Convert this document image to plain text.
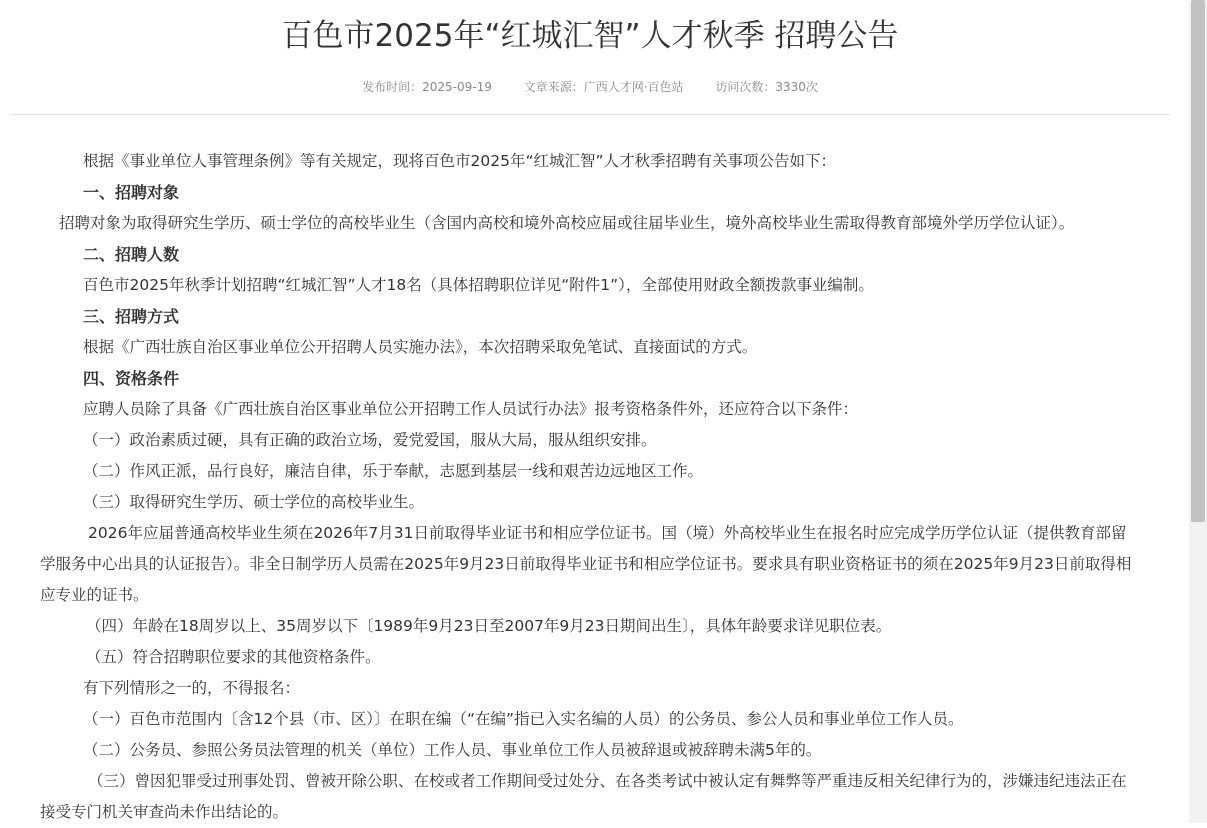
百色市2025年“红城汇智”人才秋季 招聘公告
发布时间：2025-09-19	文章来源：广西人才网·百色站	访问次数：3330次

根据《事业单位人事管理条例》等有关规定，现将百色市2025年“红城汇智”人才秋季招聘有关事项公告如下：

一、招聘对象

招聘对象为取得研究生学历、硕士学位的高校毕业生（含国内高校和境外高校应届或往届毕业生，境外高校毕业生需取得教育部境外学历学位认证）。

二、招聘人数

百色市2025年秋季计划招聘“红城汇智”人才18名（具体招聘职位详见“附件1”），全部使用财政全额拨款事业编制。

三、招聘方式

根据《广西壮族自治区事业单位公开招聘人员实施办法》，本次招聘采取免笔试、直接面试的方式。

四、资格条件

应聘人员除了具备《广西壮族自治区事业单位公开招聘工作人员试行办法》报考资格条件外，还应符合以下条件：

（一）政治素质过硬，具有正确的政治立场，爱党爱国，服从大局，服从组织安排。

（二）作风正派，品行良好，廉洁自律，乐于奉献，志愿到基层一线和艰苦边远地区工作。

（三）取得研究生学历、硕士学位的高校毕业生。

2026年应届普通高校毕业生须在2026年7月31日前取得毕业证书和相应学位证书。国（境）外高校毕业生在报名时应完成学历学位认证（提供教育部留学服务中心出具的认证报告）。非全日制学历人员需在2025年9月23日前取得毕业证书和相应学位证书。要求具有职业资格证书的须在2025年9月23日前取得相应专业的证书。

（四）年龄在18周岁以上、35周岁以下〔1989年9月23日至2007年9月23日期间出生〕，具体年龄要求详见职位表。

（五）符合招聘职位要求的其他资格条件。

有下列情形之一的，不得报名：

（一）百色市范围内〔含12个县（市、区）〕在职在编（“在编”指已入实名编的人员）的公务员、参公人员和事业单位工作人员。

（二）公务员、参照公务员法管理的机关（单位）工作人员、事业单位工作人员被辞退或被辞聘未满5年的。

（三）曾因犯罪受过刑事处罚、曾被开除公职、在校或者工作期间受过处分、在各类考试中被认定有舞弊等严重违反相关纪律行为的，涉嫌违纪违法正在接受专门机关审查尚未作出结论的。
